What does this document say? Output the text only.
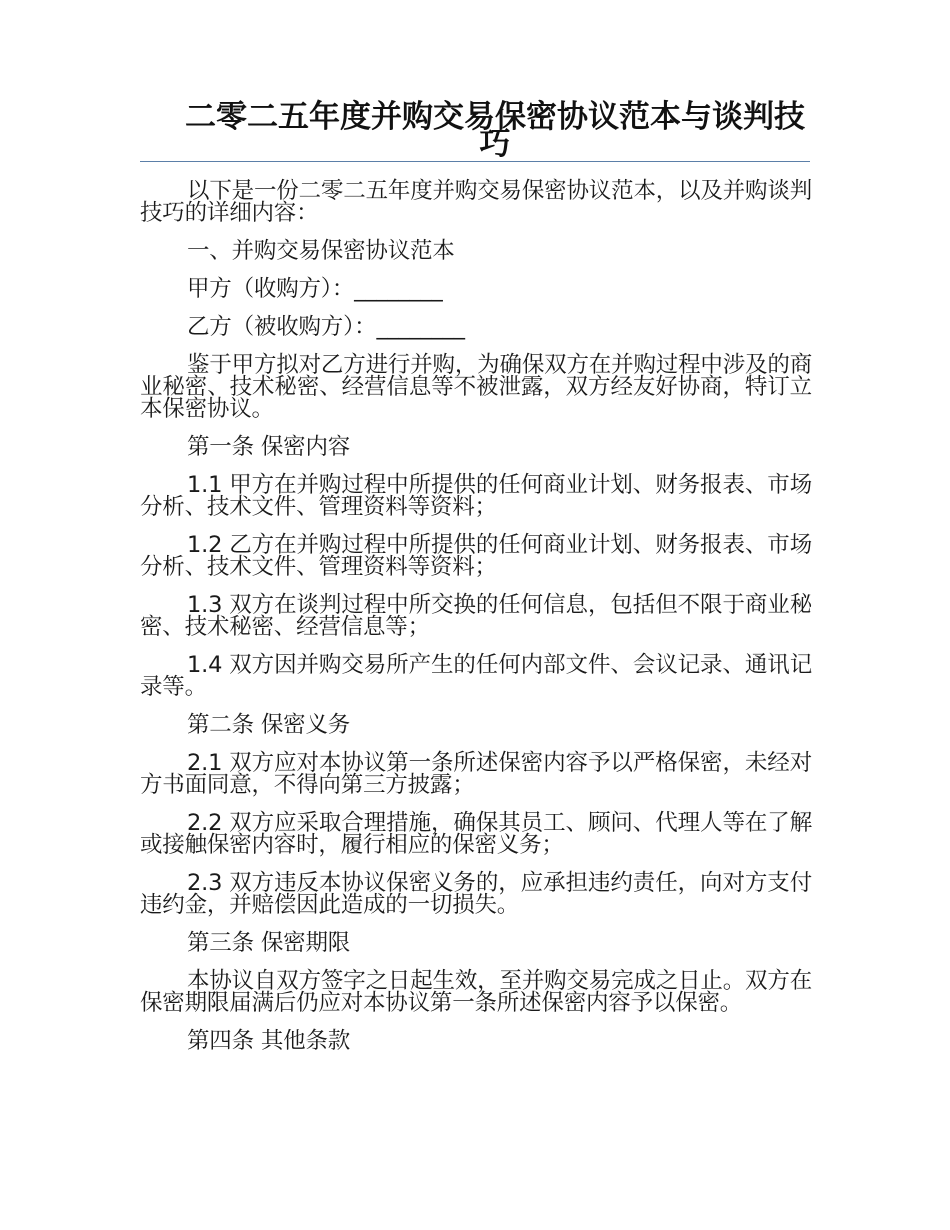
二零二五年度并购交易保密协议范本与谈判技巧

以下是一份二零二五年度并购交易保密协议范本，以及并购谈判技巧的详细内容：

一、并购交易保密协议范本

甲方（收购方）：________

乙方（被收购方）：________

鉴于甲方拟对乙方进行并购，为确保双方在并购过程中涉及的商业秘密、技术秘密、经营信息等不被泄露，双方经友好协商，特订立本保密协议。

第一条 保密内容

1.1 甲方在并购过程中所提供的任何商业计划、财务报表、市场分析、技术文件、管理资料等资料；

1.2 乙方在并购过程中所提供的任何商业计划、财务报表、市场分析、技术文件、管理资料等资料；

1.3 双方在谈判过程中所交换的任何信息，包括但不限于商业秘密、技术秘密、经营信息等；

1.4 双方因并购交易所产生的任何内部文件、会议记录、通讯记录等。

第二条 保密义务

2.1 双方应对本协议第一条所述保密内容予以严格保密，未经对方书面同意，不得向第三方披露；

2.2 双方应采取合理措施，确保其员工、顾问、代理人等在了解或接触保密内容时，履行相应的保密义务；

2.3 双方违反本协议保密义务的，应承担违约责任，向对方支付违约金，并赔偿因此造成的一切损失。

第三条 保密期限

本协议自双方签字之日起生效，至并购交易完成之日止。双方在保密期限届满后仍应对本协议第一条所述保密内容予以保密。

第四条 其他条款
